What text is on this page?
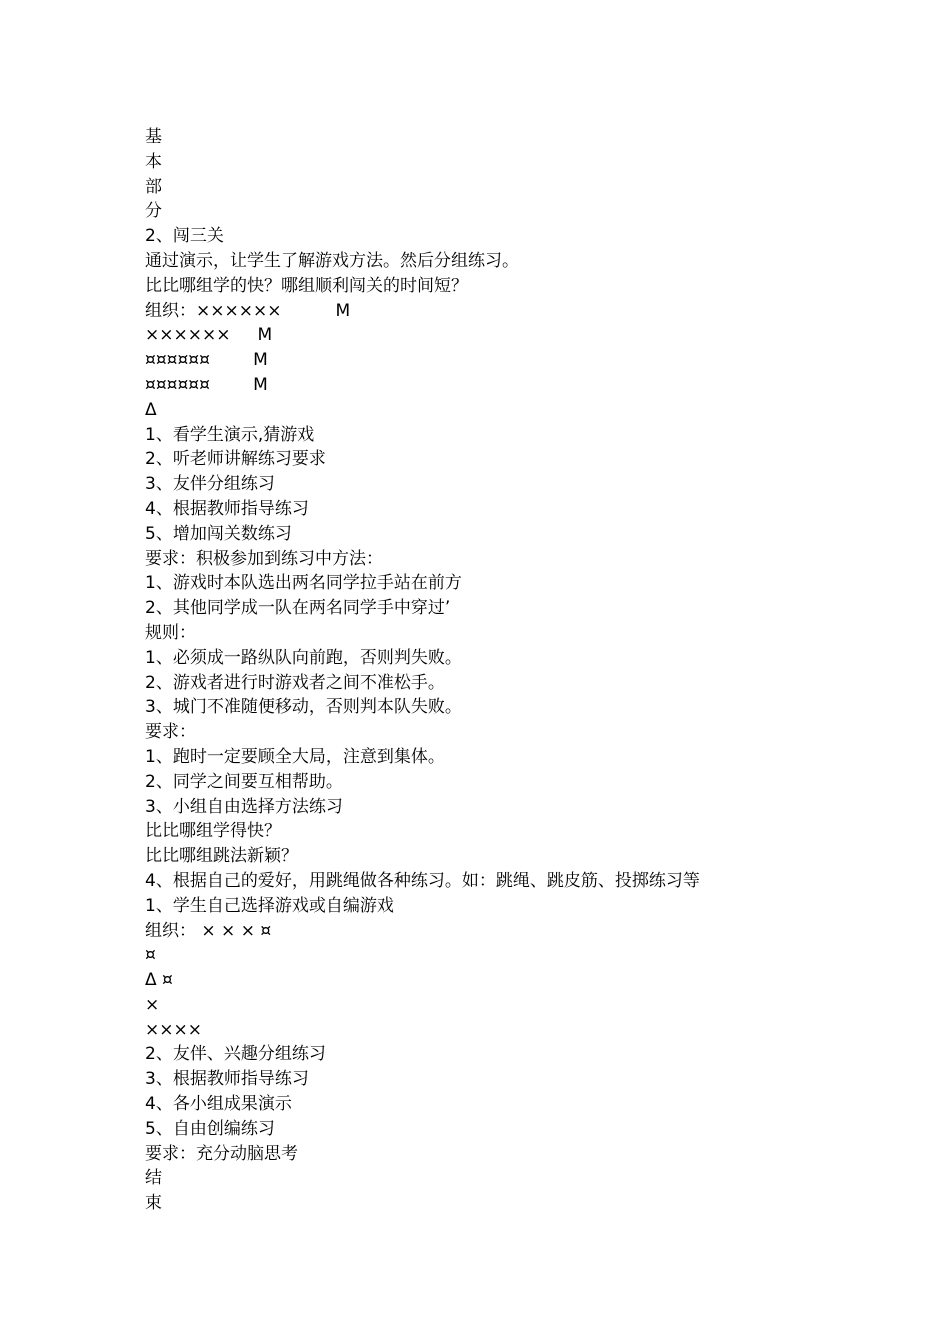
基
本
部
分
2、闯三关
通过演示，让学生了解游戏方法。然后分组练习。
比比哪组学的快？哪组顺利闯关的时间短？
组织：××××××          M
××××××     M
¤¤¤¤¤¤        M
¤¤¤¤¤¤        M
Δ
1、看学生演示,猜游戏
2、听老师讲解练习要求
3、友伴分组练习
4、根据教师指导练习
5、增加闯关数练习
要求：积极参加到练习中方法：
1、游戏时本队选出两名同学拉手站在前方
2、其他同学成一队在两名同学手中穿过’
规则：
1、必须成一路纵队向前跑，否则判失败。
2、游戏者进行时游戏者之间不准松手。
3、城门不准随便移动，否则判本队失败。
要求：
1、跑时一定要顾全大局，注意到集体。
2、同学之间要互相帮助。
3、小组自由选择方法练习
比比哪组学得快？
比比哪组跳法新颖？
4、根据自己的爱好，用跳绳做各种练习。如：跳绳、跳皮筋、投掷练习等
1、学生自己选择游戏或自编游戏
组织： × × × ¤
¤
Δ ¤
×
××××
2、友伴、兴趣分组练习
3、根据教师指导练习
4、各小组成果演示
5、自由创编练习
要求：充分动脑思考
结
束
